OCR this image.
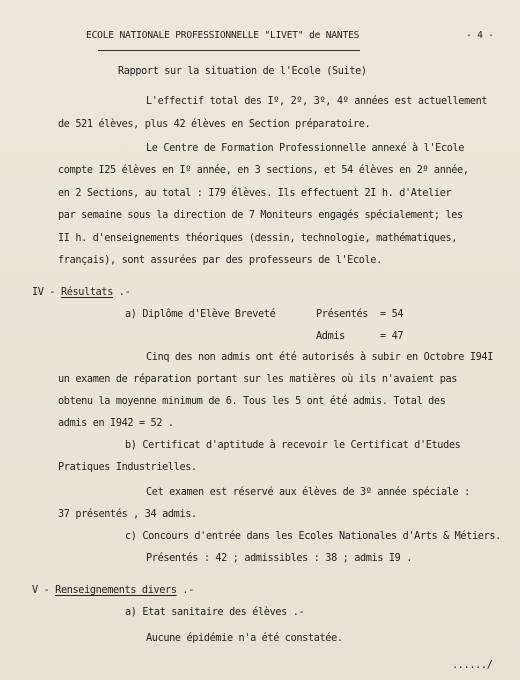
ECOLE NATIONALE PROFESSIONNELLE "LIVET" de NANTES	- 4 -
Rapport sur la situation de l'Ecole (Suite)
L'effectif total des Iº, 2º, 3º, 4º années est actuellement
de 521 élèves, plus 42 élèves en Section préparatoire.
Le Centre de Formation Professionnelle annexé à l'Ecole
compte I25 élèves en Iº année, en 3 sections, et 54 élèves en 2º année,
en 2 Sections, au total : I79 élèves. Ils effectuent 2I h. d'Atelier
par semaine sous la direction de 7 Moniteurs engagés spécialement; les
II h. d'enseignements théoriques (dessin, technologie, mathématiques,
français), sont assurées par des professeurs de l'Ecole.
IV - Résultats .-
a) Diplôme d'Elève Breveté	Présentés = 54
Admis	= 47
Cinq des non admis ont été autorisés à subir en Octobre I94I
un examen de réparation portant sur les matières où ils n'avaient pas
obtenu la moyenne minimum de 6. Tous les 5 ont été admis. Total des
admis en I942 = 52 .
b) Certificat d'aptitude à recevoir le Certificat d'Etudes
Pratiques Industrielles.
Cet examen est réservé aux élèves de 3º année spéciale :
37 présentés , 34 admis.
c) Concours d'entrée dans les Ecoles Nationales d'Arts & Métiers.
Présentés : 42 ; admissibles : 38 ; admis I9 .
V - Renseignements divers .-
a) Etat sanitaire des élèves .-
Aucune épidémie n'a été constatée.
....../
